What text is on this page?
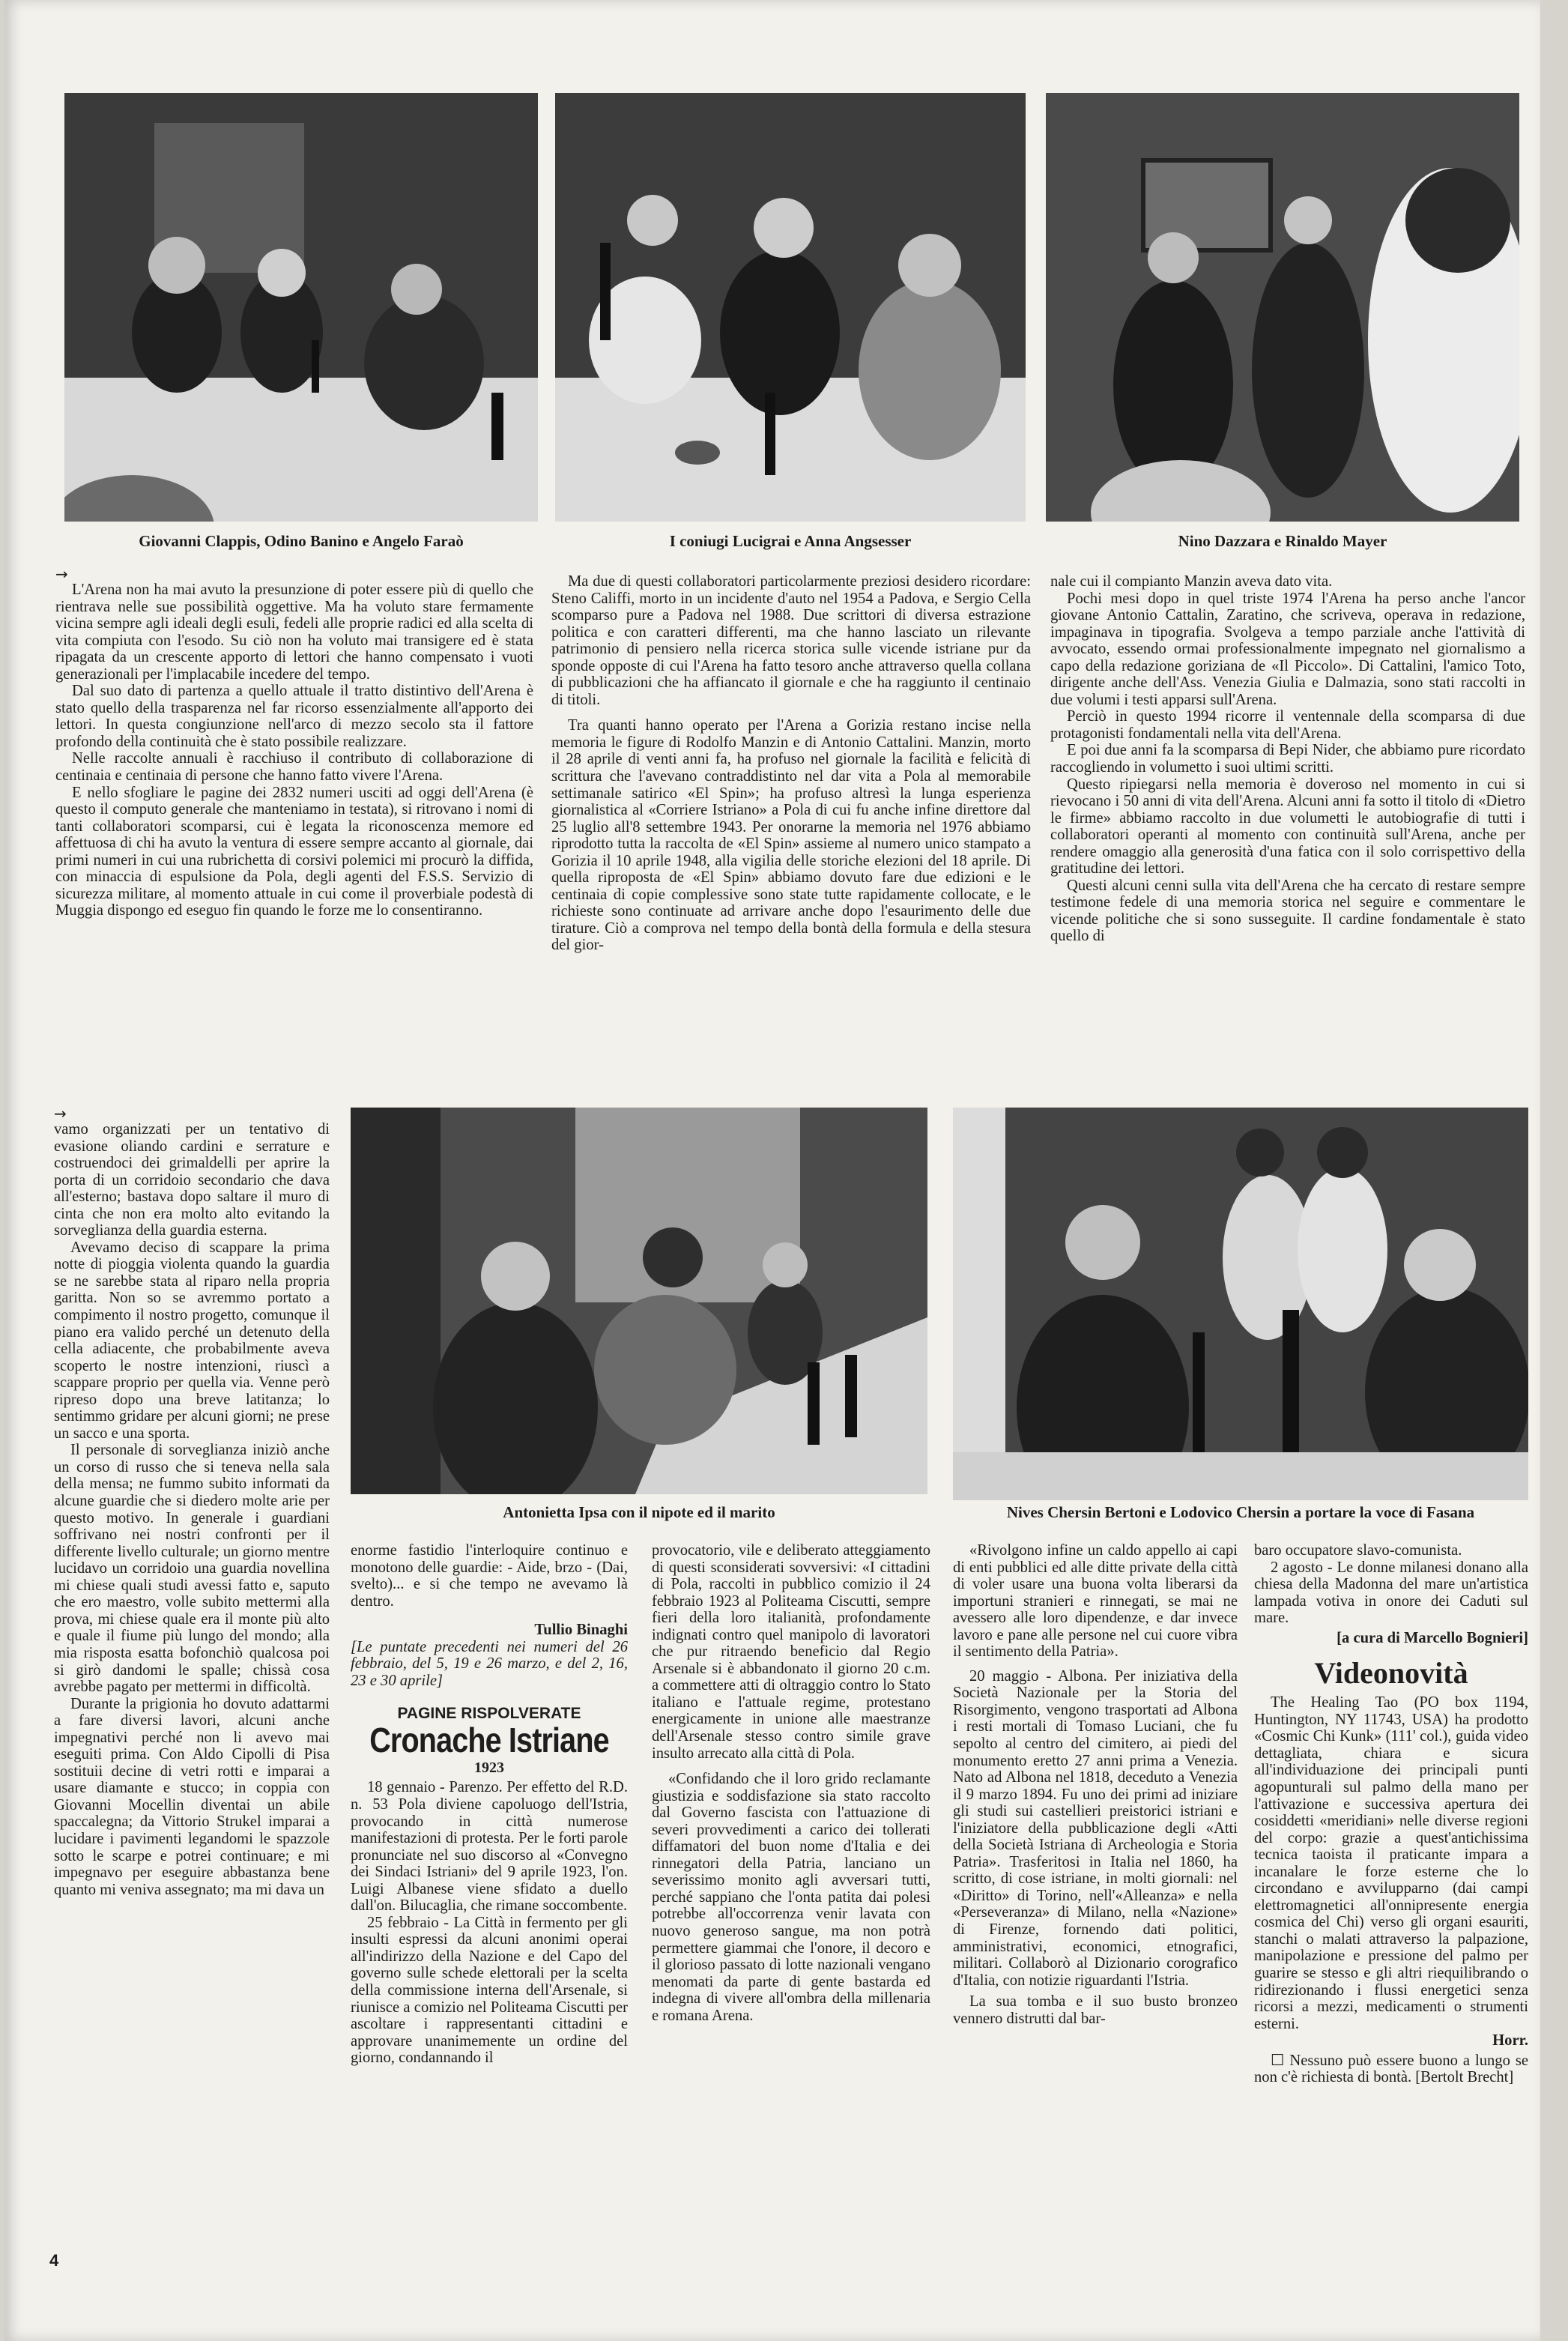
Giovanni Clappis, Odino Banino e Angelo Faraò	I coniugi Lucigrai e Anna Angsesser	Nino Dazzara e Rinaldo Mayer
→

L'Arena non ha mai avuto la presunzione di poter essere più di quello che rientrava nelle sue possibilità oggettive. Ma ha voluto stare fermamente vicina sempre agli ideali degli esuli, fedeli alle proprie radici ed alla scelta di vita compiuta con l'esodo. Su ciò non ha voluto mai transigere ed è stata ripagata da un crescente apporto di lettori che hanno compensato i vuoti generazionali per l'implacabile incedere del tempo.

Dal suo dato di partenza a quello attuale il tratto distintivo dell'Arena è stato quello della trasparenza nel far ricorso essenzialmente all'apporto dei lettori. In questa congiunzione nell'arco di mezzo secolo sta il fattore profondo della continuità che è stato possibile realizzare.

Nelle raccolte annuali è racchiuso il contributo di collaborazione di centinaia e centinaia di persone che hanno fatto vivere l'Arena.

E nello sfogliare le pagine dei 2832 numeri usciti ad oggi dell'Arena (è questo il computo generale che manteniamo in testata), si ritrovano i nomi di tanti collaboratori scomparsi, cui è legata la riconoscenza memore ed affettuosa di chi ha avuto la ventura di essere sempre accanto al giornale, dai primi numeri in cui una rubrichetta di corsivi polemici mi procurò la diffida, con minaccia di espulsione da Pola, degli agenti del F.S.S. Servizio di sicurezza militare, al momento attuale in cui come il proverbiale podestà di Muggia dispongo ed eseguo fin quando le forze me lo consentiranno.

Ma due di questi collaboratori particolarmente preziosi desidero ricordare: Steno Califfi, morto in un incidente d'auto nel 1954 a Padova, e Sergio Cella scomparso pure a Padova nel 1988. Due scrittori di diversa estrazione politica e con caratteri differenti, ma che hanno lasciato un rilevante patrimonio di pensiero nella ricerca storica sulle vicende istriane pur da sponde opposte di cui l'Arena ha fatto tesoro anche attraverso quella collana di pubblicazioni che ha affiancato il giornale e che ha raggiunto il centinaio di titoli.

Tra quanti hanno operato per l'Arena a Gorizia restano incise nella memoria le figure di Rodolfo Manzin e di Antonio Cattalini. Manzin, morto il 28 aprile di venti anni fa, ha profuso nel giornale la facilità e felicità di scrittura che l'avevano contraddistinto nel dar vita a Pola al memorabile settimanale satirico «El Spin»; ha profuso altresì la lunga esperienza giornalistica al «Corriere Istriano» a Pola di cui fu anche infine direttore dal 25 luglio all'8 settembre 1943. Per onorarne la memoria nel 1976 abbiamo riprodotto tutta la raccolta de «El Spin» assieme al numero unico stampato a Gorizia il 10 aprile 1948, alla vigilia delle storiche elezioni del 18 aprile. Di quella riproposta de «El Spin» abbiamo dovuto fare due edizioni e le centinaia di copie complessive sono state tutte rapidamente collocate, e le richieste sono continuate ad arrivare anche dopo l'esaurimento delle due tirature. Ciò a comprova nel tempo della bontà della formula e della stesura del gior-

nale cui il compianto Manzin aveva dato vita.

Pochi mesi dopo in quel triste 1974 l'Arena ha perso anche l'ancor giovane Antonio Cattalin, Zaratino, che scriveva, operava in redazione, impaginava in tipografia. Svolgeva a tempo parziale anche l'attività di avvocato, essendo ormai professionalmente impegnato nel giornalismo a capo della redazione goriziana de «Il Piccolo». Di Cattalini, l'amico Toto, dirigente anche dell'Ass. Venezia Giulia e Dalmazia, sono stati raccolti in due volumi i testi apparsi sull'Arena.

Perciò in questo 1994 ricorre il ventennale della scomparsa di due protagonisti fondamentali nella vita dell'Arena.

E poi due anni fa la scomparsa di Bepi Nider, che abbiamo pure ricordato raccogliendo in volumetto i suoi ultimi scritti.

Questo ripiegarsi nella memoria è doveroso nel momento in cui si rievocano i 50 anni di vita dell'Arena. Alcuni anni fa sotto il titolo di «Dietro le firme» abbiamo raccolto in due volumetti le autobiografie di tutti i collaboratori operanti al momento con continuità sull'Arena, anche per rendere omaggio alla generosità d'una fatica con il solo corrispettivo della gratitudine dei lettori.

Questi alcuni cenni sulla vita dell'Arena che ha cercato di restare sempre testimone fedele di una memoria storica nel seguire e commentare le vicende politiche che si sono susseguite. Il cardine fondamentale è stato quello di

→

vamo organizzati per un tentativo di evasione oliando cardini e serrature e costruendoci dei grimaldelli per aprire la porta di un corridoio secondario che dava all'esterno; bastava dopo saltare il muro di cinta che non era molto alto evitando la sorveglianza della guardia esterna.

Avevamo deciso di scappare la prima notte di pioggia violenta quando la guardia se ne sarebbe stata al riparo nella propria garitta. Non so se avremmo portato a compimento il nostro progetto, comunque il piano era valido perché un detenuto della cella adiacente, che probabilmente aveva scoperto le nostre intenzioni, riuscì a scappare proprio per quella via. Venne però ripreso dopo una breve latitanza; lo sentimmo gridare per alcuni giorni; ne prese un sacco e una sporta.

Il personale di sorveglianza iniziò anche un corso di russo che si teneva nella sala della mensa; ne fummo subito informati da alcune guardie che si diedero molte arie per questo motivo. In generale i guardiani soffrivano nei nostri confronti per il differente livello culturale; un giorno mentre lucidavo un corridoio una guardia novellina mi chiese quali studi avessi fatto e, saputo che ero maestro, volle subito mettermi alla prova, mi chiese quale era il monte più alto e quale il fiume più lungo del mondo; alla mia risposta esatta bofonchiò qualcosa poi si girò dandomi le spalle; chissà cosa avrebbe pagato per mettermi in difficoltà.

Durante la prigionia ho dovuto adattarmi a fare diversi lavori, alcuni anche impegnativi perché non li avevo mai eseguiti prima. Con Aldo Cipolli di Pisa sostituii decine di vetri rotti e imparai a usare diamante e stucco; in coppia con Giovanni Mocellin diventai un abile spaccalegna; da Vittorio Strukel imparai a lucidare i pavimenti legandomi le spazzole sotto le scarpe e potrei continuare; e mi impegnavo per eseguire abbastanza bene quanto mi veniva assegnato; ma mi dava un

Antonietta Ipsa con il nipote ed il marito	Nives Chersin Bertoni e Lodovico Chersin a portare la voce di Fasana

enorme fastidio l'interloquire continuo e monotono delle guardie: - Aide, brzo - (Dai, svelto)... e si che tempo ne avevamo là dentro.

Tullio Binaghi

[Le puntate precedenti nei numeri del 26 febbraio, del 5, 19 e 26 marzo, e del 2, 16, 23 e 30 aprile]

PAGINE RISPOLVERATE
Cronache Istriane
1923

18 gennaio - Parenzo. Per effetto del R.D. n. 53 Pola diviene capoluogo dell'Istria, provocando in città numerose manifestazioni di protesta. Per le forti parole pronunciate nel suo discorso al «Convegno dei Sindaci Istriani» del 9 aprile 1923, l'on. Luigi Albanese viene sfidato a duello dall'on. Bilucaglia, che rimane soccombente.

25 febbraio - La Città in fermento per gli insulti espressi da alcuni anonimi operai all'indirizzo della Nazione e del Capo del governo sulle schede elettorali per la scelta della commissione interna dell'Arsenale, si riunisce a comizio nel Politeama Ciscutti per ascoltare i rappresentanti cittadini e approvare unanimemente un ordine del giorno, condannando il

provocatorio, vile e deliberato atteggiamento di questi sconsiderati sovversivi: «I cittadini di Pola, raccolti in pubblico comizio il 24 febbraio 1923 al Politeama Ciscutti, sempre fieri della loro italianità, profondamente indignati contro quel manipolo di lavoratori che pur ritraendo beneficio dal Regio Arsenale si è abbandonato il giorno 20 c.m. a commettere atti di oltraggio contro lo Stato italiano e l'attuale regime, protestano energicamente in unione alle maestranze dell'Arsenale stesso contro simile grave insulto arrecato alla città di Pola.

«Confidando che il loro grido reclamante giustizia e soddisfazione sia stato raccolto dal Governo fascista con l'attuazione di severi provvedimenti a carico dei tollerati diffamatori del buon nome d'Italia e dei rinnegatori della Patria, lanciano un severissimo monito agli avversari tutti, perché sappiano che l'onta patita dai polesi potrebbe all'occorrenza venir lavata con nuovo generoso sangue, ma non potrà permettere giammai che l'onore, il decoro e il glorioso passato di lotte nazionali vengano menomati da parte di gente bastarda ed indegna di vivere all'ombra della millenaria e romana Arena.

«Rivolgono infine un caldo appello ai capi di enti pubblici ed alle ditte private della città di voler usare una buona volta liberarsi da importuni stranieri e rinnegati, se mai ne avessero alle loro dipendenze, e dar invece lavoro e pane alle persone nel cui cuore vibra il sentimento della Patria».

20 maggio - Albona. Per iniziativa della Società Nazionale per la Storia del Risorgimento, vengono trasportati ad Albona i resti mortali di Tomaso Luciani, che fu sepolto al centro del cimitero, ai piedi del monumento eretto 27 anni prima a Venezia. Nato ad Albona nel 1818, deceduto a Venezia il 9 marzo 1894. Fu uno dei primi ad iniziare gli studi sui castellieri preistorici istriani e l'iniziatore della pubblicazione degli «Atti della Società Istriana di Archeologia e Storia Patria». Trasferitosi in Italia nel 1860, ha scritto, di cose istriane, in molti giornali: nel «Diritto» di Torino, nell'«Alleanza» e nella «Perseveranza» di Milano, nella «Nazione» di Firenze, fornendo dati politici, amministrativi, economici, etnografici, militari. Collaborò al Dizionario corografico d'Italia, con notizie riguardanti l'Istria.

La sua tomba e il suo busto bronzeo vennero distrutti dal bar-

baro occupatore slavo-comunista.

2 agosto - Le donne milanesi donano alla chiesa della Madonna del mare un'artistica lampada votiva in onore dei Caduti sul mare.

[a cura di Marcello Bognieri]
Videonovità

The Healing Tao (PO box 1194, Huntington, NY 11743, USA) ha prodotto «Cosmic Chi Kunk» (111' col.), guida video dettagliata, chiara e sicura all'individuazione dei principali punti agopunturali sul palmo della mano per l'attivazione e successiva apertura dei cosiddetti «meridiani» nelle diverse regioni del corpo: grazie a quest'antichissima tecnica taoista il praticante impara a incanalare le forze esterne che lo circondano e avvilupparno (dai campi elettromagnetici all'onnipresente energia cosmica del Chi) verso gli organi esauriti, stanchi o malati attraverso la palpazione, manipolazione e pressione del palmo per guarire se stesso e gli altri riequilibrando o ridirezionando i flussi energetici senza ricorsi a mezzi, medicamenti o strumenti esterni.

Horr.

☐ Nessuno può essere buono a lungo se non c'è richiesta di bontà. [Bertolt Brecht]

4
